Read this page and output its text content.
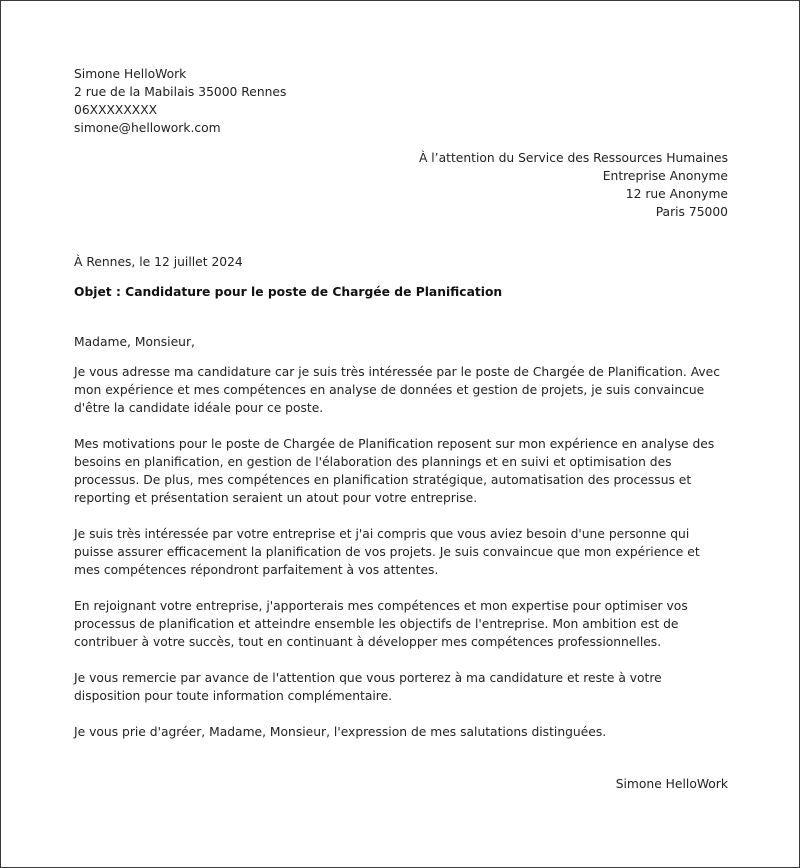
Simone HelloWork
2 rue de la Mabilais 35000 Rennes
06XXXXXXXX
simone@hellowork.com
À l’attention du Service des Ressources Humaines
Entreprise Anonyme
12 rue Anonyme
Paris 75000
À Rennes, le 12 juillet 2024
Objet : Candidature pour le poste de Chargée de Planification
Madame, Monsieur,
Je vous adresse ma candidature car je suis très intéressée par le poste de Chargée de Planification. Avec mon expérience et mes compétences en analyse de données et gestion de projets, je suis convaincue d'être la candidate idéale pour ce poste.
Mes motivations pour le poste de Chargée de Planification reposent sur mon expérience en analyse des besoins en planification, en gestion de l'élaboration des plannings et en suivi et optimisation des processus. De plus, mes compétences en planification stratégique, automatisation des processus et reporting et présentation seraient un atout pour votre entreprise.
Je suis très intéressée par votre entreprise et j'ai compris que vous aviez besoin d'une personne qui puisse assurer efficacement la planification de vos projets. Je suis convaincue que mon expérience et mes compétences répondront parfaitement à vos attentes.
En rejoignant votre entreprise, j'apporterais mes compétences et mon expertise pour optimiser vos processus de planification et atteindre ensemble les objectifs de l'entreprise. Mon ambition est de contribuer à votre succès, tout en continuant à développer mes compétences professionnelles.
Je vous remercie par avance de l'attention que vous porterez à ma candidature et reste à votre disposition pour toute information complémentaire.
Je vous prie d'agréer, Madame, Monsieur, l'expression de mes salutations distinguées.
Simone HelloWork
